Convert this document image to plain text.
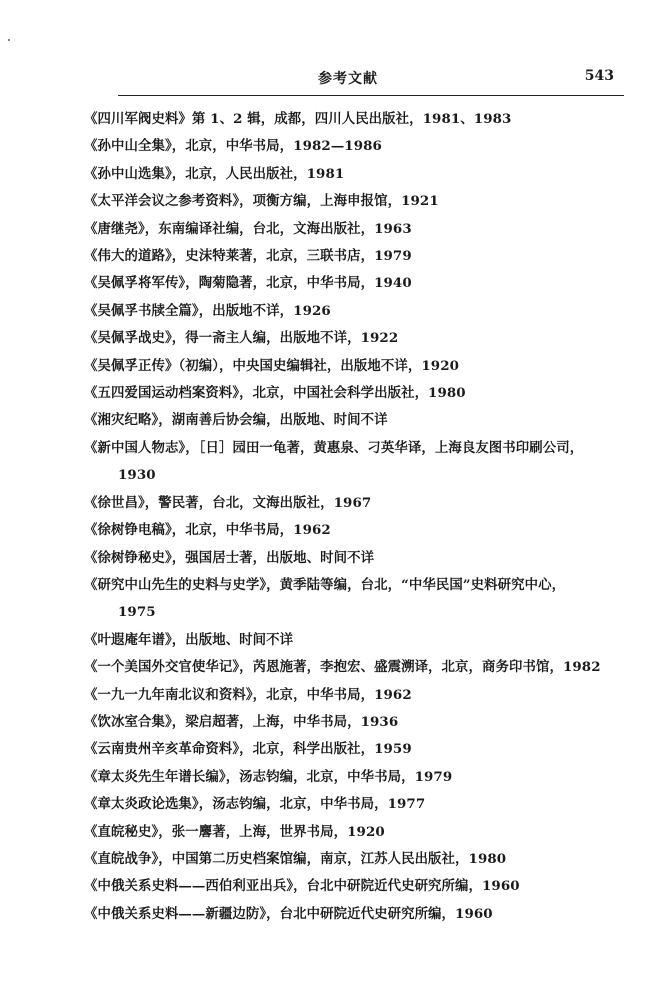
参考文献	543
《四川军阀史料》第 1、2 辑，成都，四川人民出版社，1981、1983
《孙中山全集》，北京，中华书局，1982—1986
《孙中山选集》，北京，人民出版社，1981
《太平洋会议之参考资料》，项衡方编，上海申报馆，1921
《唐继尧》，东南编译社编，台北，文海出版社，1963
《伟大的道路》，史沫特莱著，北京，三联书店，1979
《吴佩孚将军传》，陶菊隐著，北京，中华书局，1940
《吴佩孚书牍全篇》，出版地不详，1926
《吴佩孚战史》，得一斋主人编，出版地不详，1922
《吴佩孚正传》（初编），中央国史编辑社，出版地不详，1920
《五四爱国运动档案资料》，北京，中国社会科学出版社，1980
《湘灾纪略》，湖南善后协会编，出版地、时间不详
《新中国人物志》，［日］园田一龟著，黄惠泉、刁英华译，上海良友图书印刷公司，
1930
《徐世昌》，警民著，台北，文海出版社，1967
《徐树铮电稿》，北京，中华书局，1962
《徐树铮秘史》，强国居士著，出版地、时间不详
《研究中山先生的史料与史学》，黄季陆等编，台北，“中华民国”史料研究中心，
1975
《叶遐庵年谱》，出版地、时间不详
《一个美国外交官使华记》，芮恩施著，李抱宏、盛震溯译，北京，商务印书馆，1982
《一九一九年南北议和资料》，北京，中华书局，1962
《饮冰室合集》，梁启超著，上海，中华书局，1936
《云南贵州辛亥革命资料》，北京，科学出版社，1959
《章太炎先生年谱长编》，汤志钧编，北京，中华书局，1979
《章太炎政论选集》，汤志钧编，北京，中华书局，1977
《直皖秘史》，张一麐著，上海，世界书局，1920
《直皖战争》，中国第二历史档案馆编，南京，江苏人民出版社，1980
《中俄关系史料——西伯利亚出兵》，台北中研院近代史研究所编，1960
《中俄关系史料——新疆边防》，台北中研院近代史研究所编，1960
